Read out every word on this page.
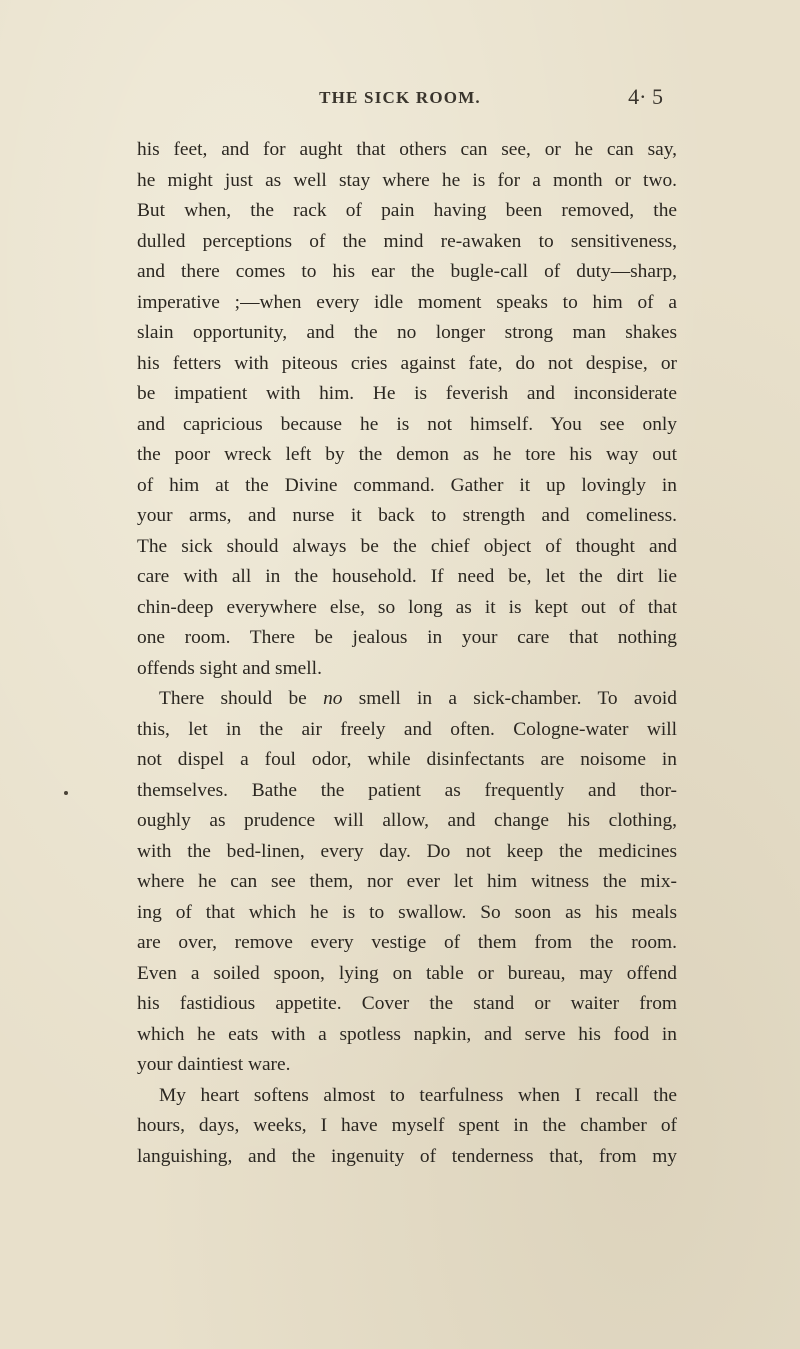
THE SICK ROOM.	4· 5
his feet, and for aught that others can see, or he can say,
he might just as well stay where he is for a month or two.
But when, the rack of pain having been removed, the
dulled perceptions of the mind re-awaken to sensitiveness,
and there comes to his ear the bugle-call of duty—sharp,
imperative ;—when every idle moment speaks to him of a
slain opportunity, and the no longer strong man shakes
his fetters with piteous cries against fate, do not despise, or
be impatient with him. He is feverish and inconsiderate
and capricious because he is not himself. You see only
the poor wreck left by the demon as he tore his way out
of him at the Divine command. Gather it up lovingly in
your arms, and nurse it back to strength and comeliness.
The sick should always be the chief object of thought and
care with all in the household. If need be, let the dirt lie
chin-deep everywhere else, so long as it is kept out of that
one room. There be jealous in your care that nothing
offends sight and smell.
There should be no smell in a sick-chamber. To avoid
this, let in the air freely and often. Cologne-water will
not dispel a foul odor, while disinfectants are noisome in
themselves. Bathe the patient as frequently and thor-
oughly as prudence will allow, and change his clothing,
with the bed-linen, every day. Do not keep the medicines
where he can see them, nor ever let him witness the mix-
ing of that which he is to swallow. So soon as his meals
are over, remove every vestige of them from the room.
Even a soiled spoon, lying on table or bureau, may offend
his fastidious appetite. Cover the stand or waiter from
which he eats with a spotless napkin, and serve his food in
your daintiest ware.
My heart softens almost to tearfulness when I recall the
hours, days, weeks, I have myself spent in the chamber of
languishing, and the ingenuity of tenderness that, from my
